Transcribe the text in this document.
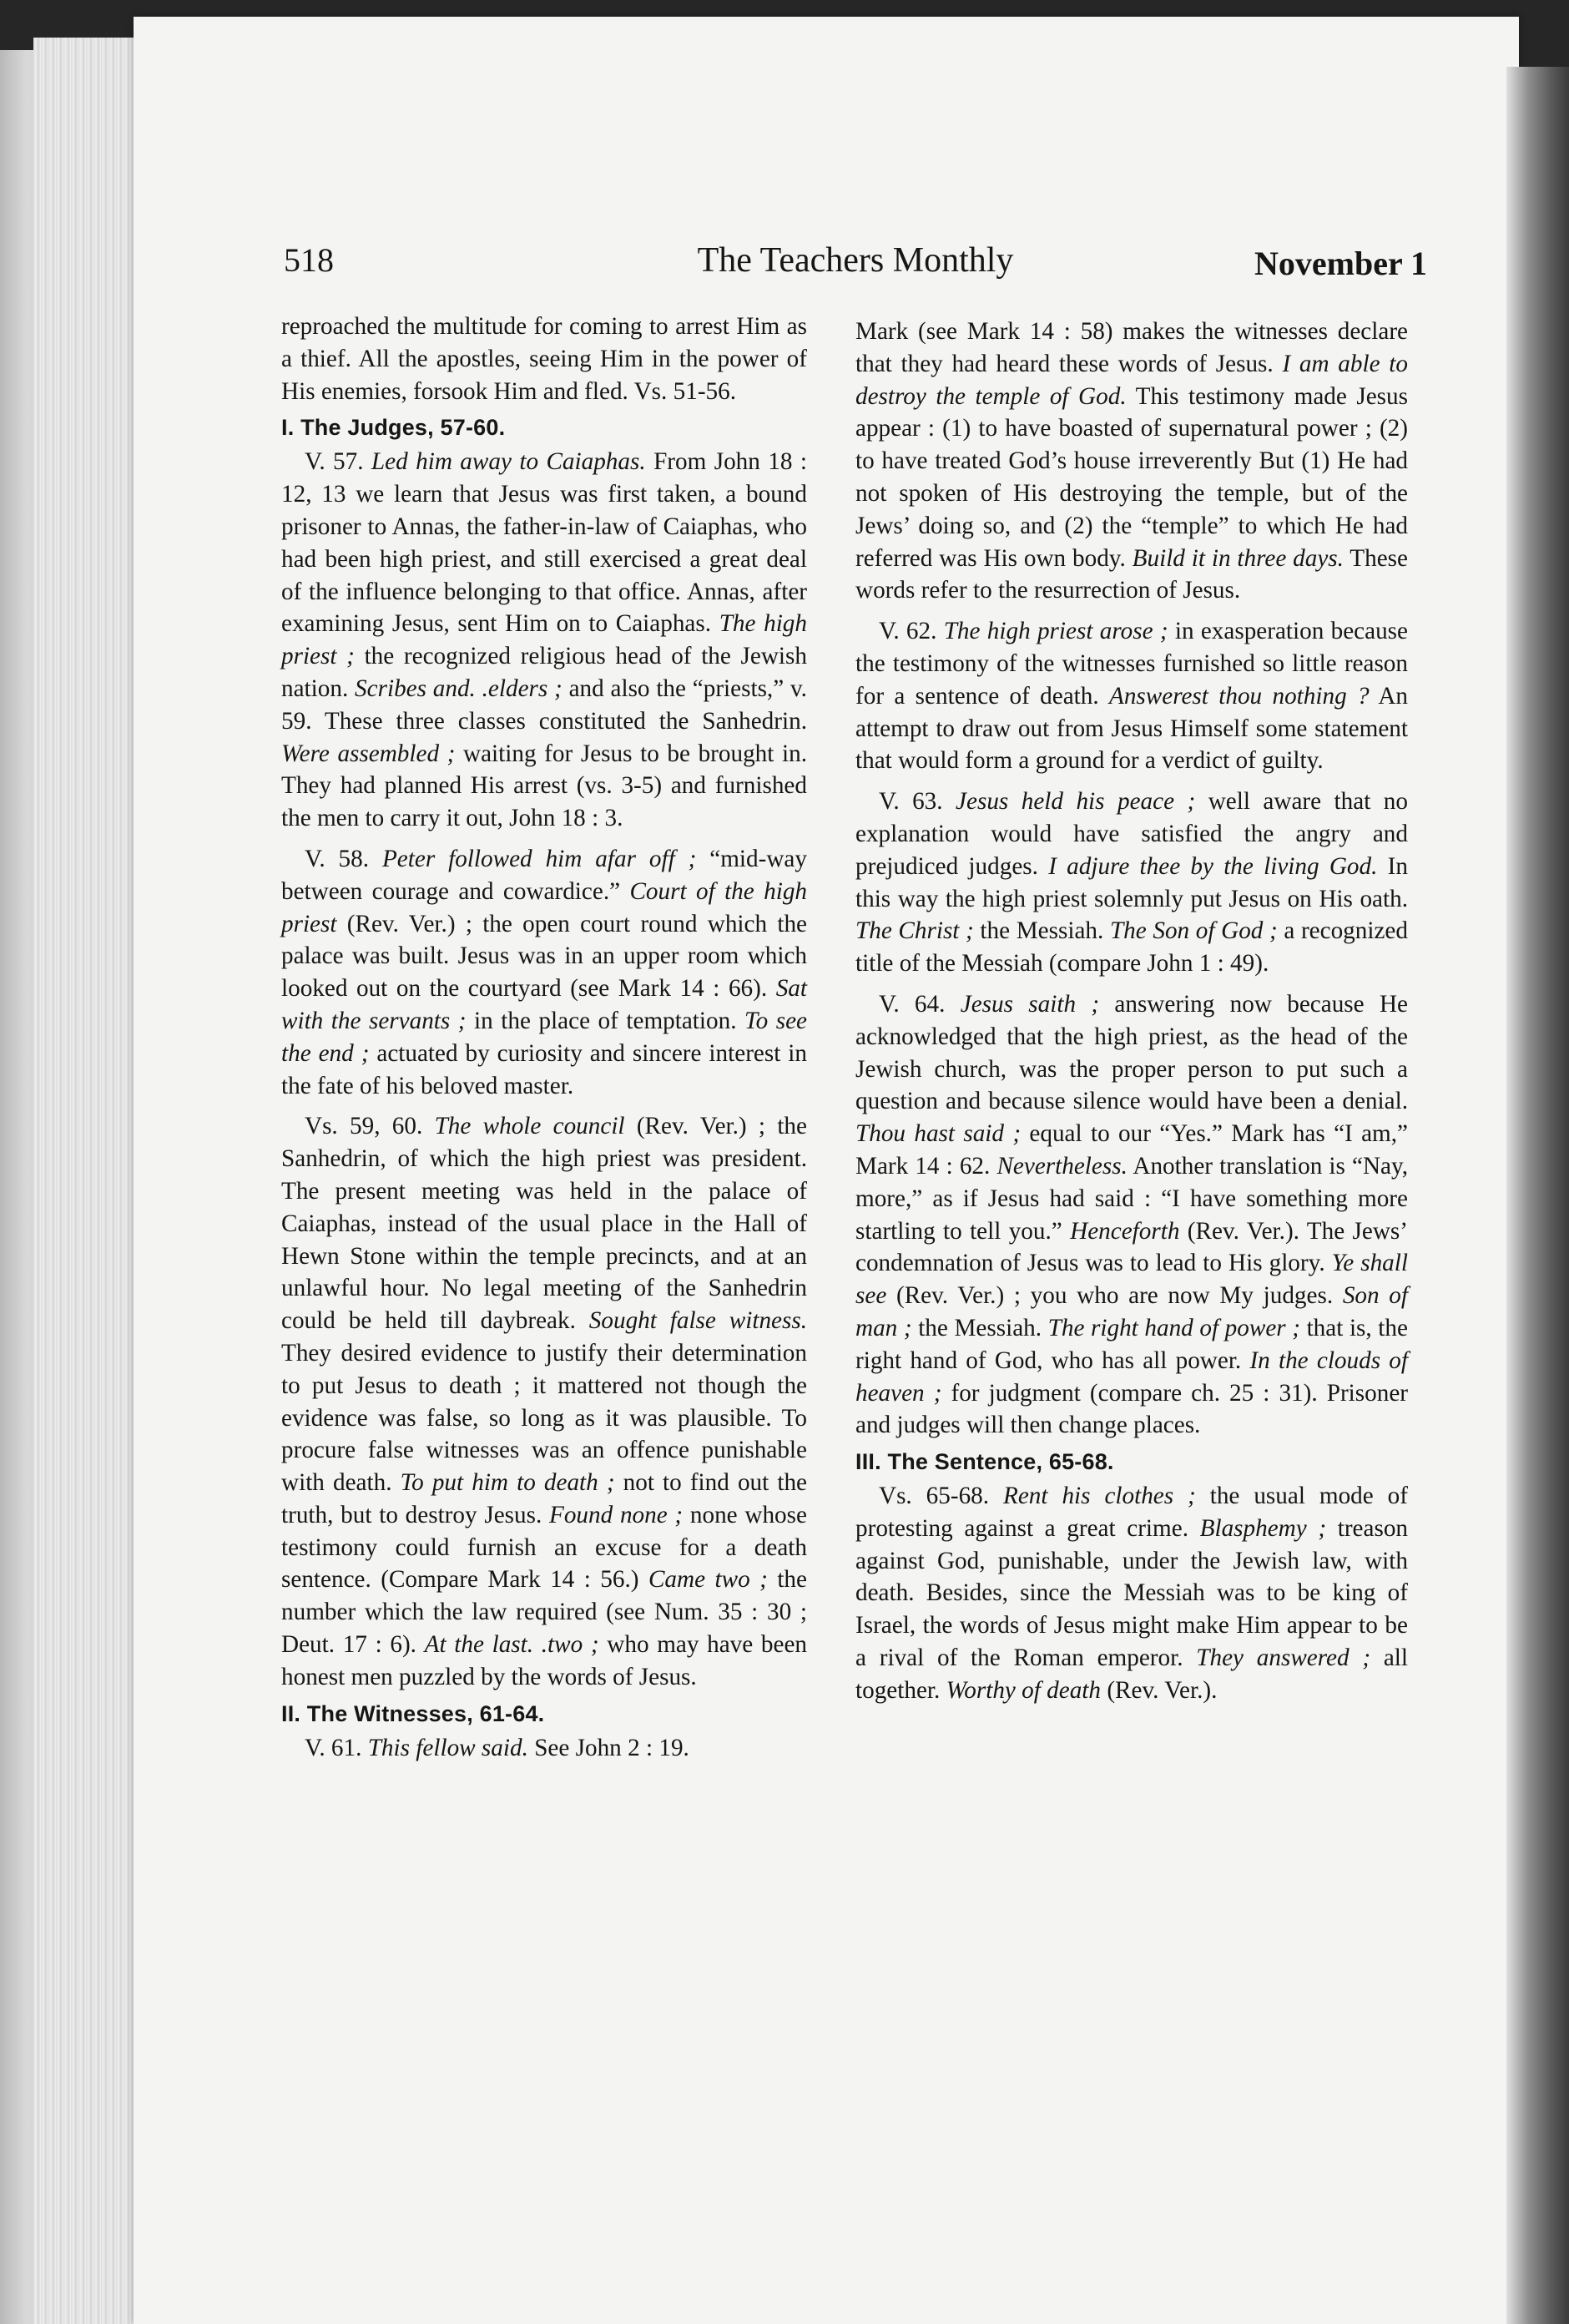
The Teachers Monthly
518	November 1

reproached the multitude for coming to arrest Him as a thief. All the apostles, seeing Him in the power of His enemies, forsook Him and fled. Vs. 51-56.

I. The Judges, 57-60.

V. 57. Led him away to Caiaphas. From John 18 : 12, 13 we learn that Jesus was first taken, a bound prisoner to Annas, the father-in-law of Caiaphas, who had been high priest, and still exercised a great deal of the influence belonging to that office. Annas, after examining Jesus, sent Him on to Caiaphas. The high priest ; the recognized religious head of the Jewish nation. Scribes and. .elders ; and also the “priests,” v. 59. These three classes constituted the Sanhedrin. Were assembled ; waiting for Jesus to be brought in. They had planned His arrest (vs. 3-5) and furnished the men to carry it out, John 18 : 3.

V. 58. Peter followed him afar off ; “mid-way between courage and cowardice.” Court of the high priest (Rev. Ver.) ; the open court round which the palace was built. Jesus was in an upper room which looked out on the courtyard (see Mark 14 : 66). Sat with the servants ; in the place of temptation. To see the end ; actuated by curiosity and sincere interest in the fate of his beloved master.

Vs. 59, 60. The whole council (Rev. Ver.) ; the Sanhedrin, of which the high priest was president. The present meeting was held in the palace of Caiaphas, instead of the usual place in the Hall of Hewn Stone within the temple precincts, and at an unlawful hour. No legal meeting of the Sanhedrin could be held till daybreak. Sought false witness. They desired evidence to justify their determination to put Jesus to death ; it mattered not though the evidence was false, so long as it was plausible. To procure false witnesses was an offence punishable with death. To put him to death ; not to find out the truth, but to destroy Jesus. Found none ; none whose testimony could furnish an excuse for a death sentence. (Compare Mark 14 : 56.) Came two ; the number which the law required (see Num. 35 : 30 ; Deut. 17 : 6). At the last. .two ; who may have been honest men puzzled by the words of Jesus.

II. The Witnesses, 61-64.

V. 61. This fellow said. See John 2 : 19.

Mark (see Mark 14 : 58) makes the witnesses declare that they had heard these words of Jesus. I am able to destroy the temple of God. This testimony made Jesus appear : (1) to have boasted of supernatural power ; (2) to have treated God’s house irreverently But (1) He had not spoken of His destroying the temple, but of the Jews’ doing so, and (2) the “temple” to which He had referred was His own body. Build it in three days. These words refer to the resurrection of Jesus.

V. 62. The high priest arose ; in exasperation because the testimony of the witnesses furnished so little reason for a sentence of death. Answerest thou nothing ? An attempt to draw out from Jesus Himself some statement that would form a ground for a verdict of guilty.

V. 63. Jesus held his peace ; well aware that no explanation would have satisfied the angry and prejudiced judges. I adjure thee by the living God. In this way the high priest solemnly put Jesus on His oath. The Christ ; the Messiah. The Son of God ; a recognized title of the Messiah (compare John 1 : 49).

V. 64. Jesus saith ; answering now because He acknowledged that the high priest, as the head of the Jewish church, was the proper person to put such a question and because silence would have been a denial. Thou hast said ; equal to our “Yes.” Mark has “I am,” Mark 14 : 62. Nevertheless. Another translation is “Nay, more,” as if Jesus had said : “I have something more startling to tell you.” Henceforth (Rev. Ver.). The Jews’ condemnation of Jesus was to lead to His glory. Ye shall see (Rev. Ver.) ; you who are now My judges. Son of man ; the Messiah. The right hand of power ; that is, the right hand of God, who has all power. In the clouds of heaven ; for judgment (compare ch. 25 : 31). Prisoner and judges will then change places.

III. The Sentence, 65-68.

Vs. 65-68. Rent his clothes ; the usual mode of protesting against a great crime. Blasphemy ; treason against God, punishable, under the Jewish law, with death. Besides, since the Messiah was to be king of Israel, the words of Jesus might make Him appear to be a rival of the Roman emperor. They answered ; all together. Worthy of death (Rev. Ver.).
